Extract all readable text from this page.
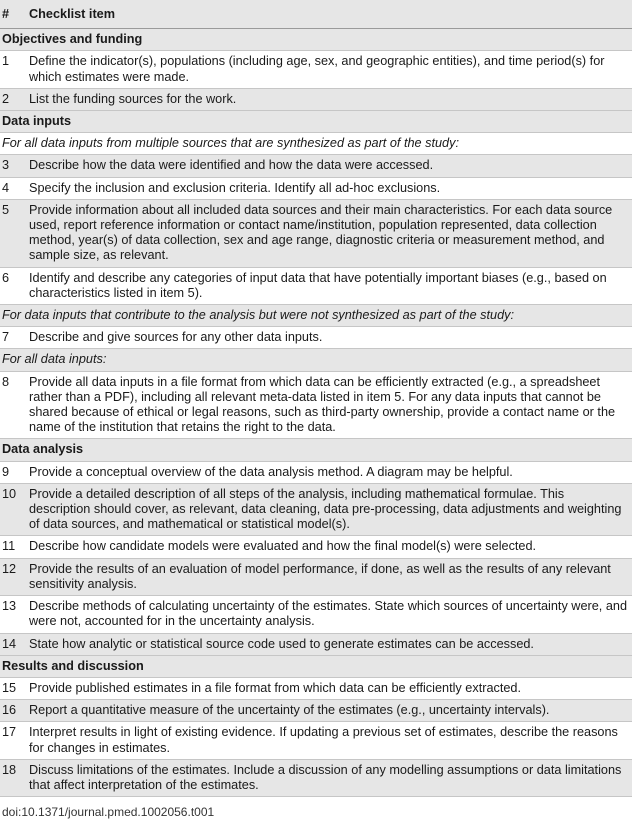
#	Checklist item
Objectives and funding
1	Define the indicator(s), populations (including age, sex, and geographic entities), and time period(s) for which estimates were made.
2	List the funding sources for the work.
Data inputs
For all data inputs from multiple sources that are synthesized as part of the study:
3	Describe how the data were identified and how the data were accessed.
4	Specify the inclusion and exclusion criteria. Identify all ad-hoc exclusions.
5	Provide information about all included data sources and their main characteristics. For each data source used, report reference information or contact name/institution, population represented, data collection method, year(s) of data collection, sex and age range, diagnostic criteria or measurement method, and sample size, as relevant.
6	Identify and describe any categories of input data that have potentially important biases (e.g., based on characteristics listed in item 5).
For data inputs that contribute to the analysis but were not synthesized as part of the study:
7	Describe and give sources for any other data inputs.
For all data inputs:
8	Provide all data inputs in a file format from which data can be efficiently extracted (e.g., a spreadsheet rather than a PDF), including all relevant meta-data listed in item 5. For any data inputs that cannot be shared because of ethical or legal reasons, such as third-party ownership, provide a contact name or the name of the institution that retains the right to the data.
Data analysis
9	Provide a conceptual overview of the data analysis method. A diagram may be helpful.
10	Provide a detailed description of all steps of the analysis, including mathematical formulae. This description should cover, as relevant, data cleaning, data pre-processing, data adjustments and weighting of data sources, and mathematical or statistical model(s).
11	Describe how candidate models were evaluated and how the final model(s) were selected.
12	Provide the results of an evaluation of model performance, if done, as well as the results of any relevant sensitivity analysis.
13	Describe methods of calculating uncertainty of the estimates. State which sources of uncertainty were, and were not, accounted for in the uncertainty analysis.
14	State how analytic or statistical source code used to generate estimates can be accessed.
Results and discussion
15	Provide published estimates in a file format from which data can be efficiently extracted.
16	Report a quantitative measure of the uncertainty of the estimates (e.g., uncertainty intervals).
17	Interpret results in light of existing evidence. If updating a previous set of estimates, describe the reasons for changes in estimates.
18	Discuss limitations of the estimates. Include a discussion of any modelling assumptions or data limitations that affect interpretation of the estimates.
doi:10.1371/journal.pmed.1002056.t001
